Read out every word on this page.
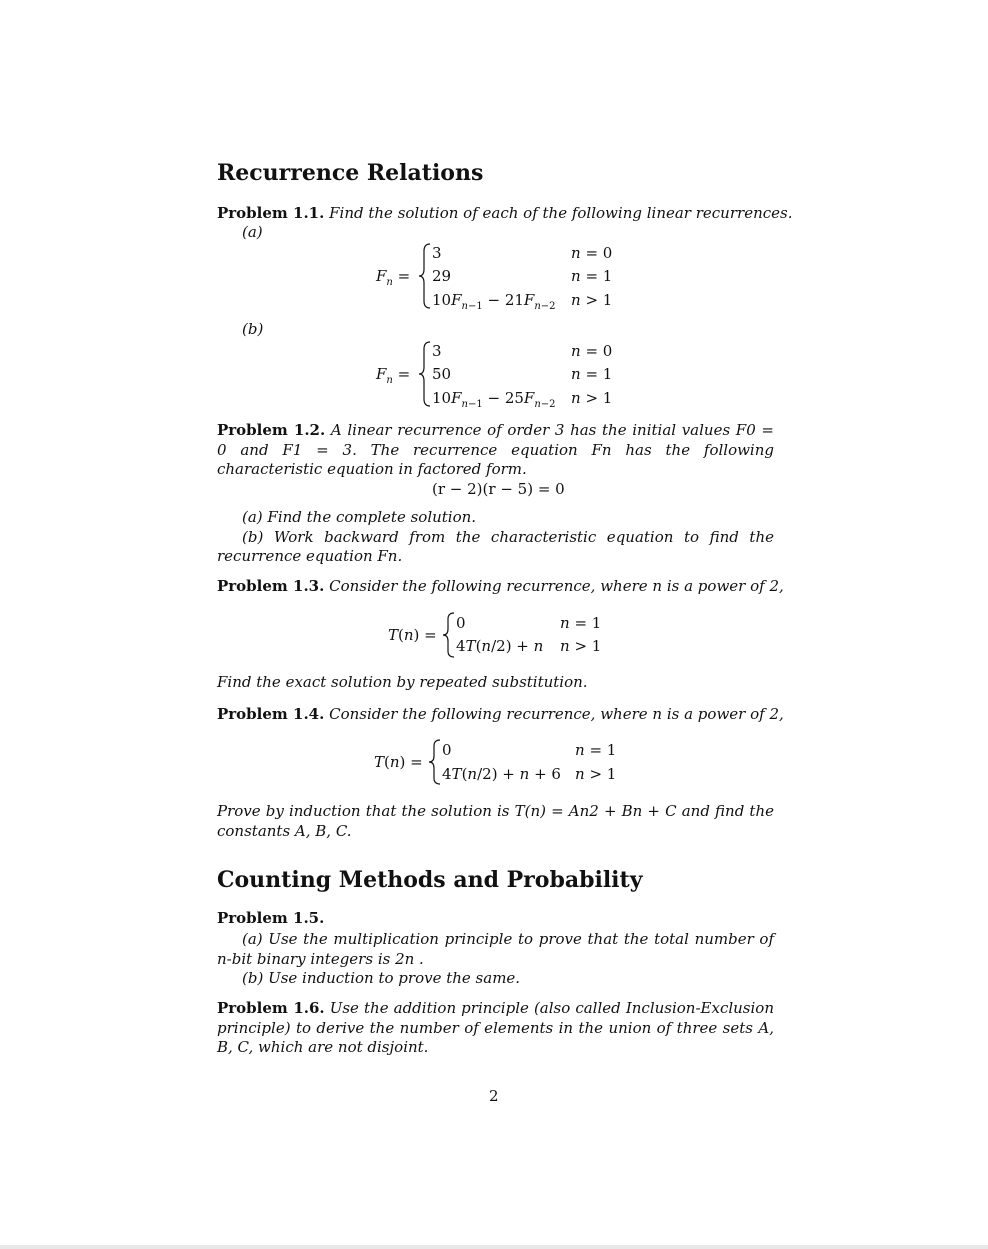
Recurrence Relations
Problem 1.1. Find the solution of each of the following linear recurrences.
(a)
$F_n$ =
3
29
$10F_{n-1} - 21F_{n-2}$
n = 0
n = 1
n > 1
(b)
$F_n$ =
3
50
$10F_{n-1} - 25F_{n-2}$
n = 0
n = 1
n > 1
Problem 1.2. A linear recurrence of order 3 has the initial values F0 = 0 and F1 = 3. The recurrence equation Fn has the following characteristic equation in factored form.
(r − 2)(r − 5) = 0
(a) Find the complete solution.
(b) Work backward from the characteristic equation to find the recurrence equation Fn.
Problem 1.3. Consider the following recurrence, where n is a power of 2,
T(n) =
0
4T(n/2) + n
n = 1
n > 1
Find the exact solution by repeated substitution.
Problem 1.4. Consider the following recurrence, where n is a power of 2,
T(n) =
0
4T(n/2) + n + 6
n = 1
n > 1
Prove by induction that the solution is T(n) = An2 + Bn + C and find the constants A, B, C.
Counting Methods and Probability
Problem 1.5.
(a) Use the multiplication principle to prove that the total number of n-bit binary integers is 2n .
(b) Use induction to prove the same.
Problem 1.6. Use the addition principle (also called Inclusion-Exclusion principle) to derive the number of elements in the union of three sets A, B, C, which are not disjoint.
2
